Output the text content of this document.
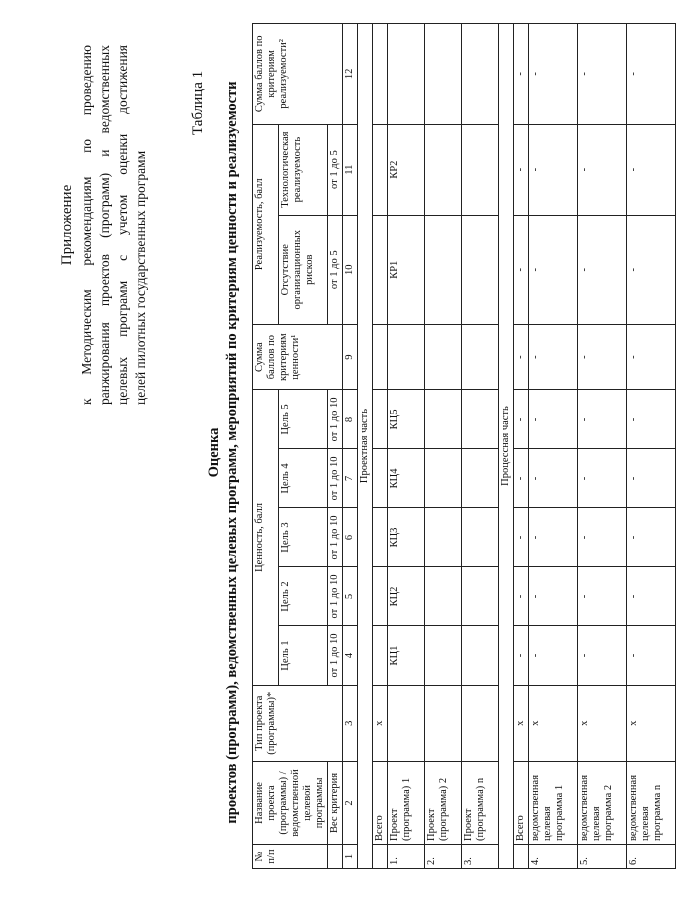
Приложение к Методическим рекомендациям по проведению ранжирования проектов (программ) и ведомственных целевых программ с учетом оценки достижения целей пилотных государственных программ
Таблица 1
Оценка проектов (программ), ведомственных целевых программ, мероприятий по критериям ценности и реализуемости
№ п/п	Название проекта (программы) / ведомственной целевой программы	Тип проекта (программы)*	Ценность, балл					Сумма баллов по критериям ценности¹	Реализуемость, балл		Сумма баллов по критериям реализуемости²
			Цель 1	Цель 2	Цель 3	Цель 4	Цель 5		Отсутствие организационных рисков	Технологическая реализуемость	
	Вес критерия		от 1 до 10	от 1 до 10	от 1 до 10	от 1 до 10	от 1 до 10		от 1 до 5	от 1 до 5	
1	2	3	4	5	6	7	8	9	10	11	12
Проектная часть											
	Всего	х									
1.	Проект (программа) 1		КЦ1	КЦ2	КЦ3	КЦ4	КЦ5		КР1	КР2	
2.	Проект (программа) 2										
3.	Проект (программа) n										
Процессная часть											
	Всего	х	-	-	-	-	-	-	-	-	-
4.	ведомственная целевая программа 1	х	-	-	-	-	-	-	-	-	-
5.	ведомственная целевая программа 2	х	-	-	-	-	-	-	-	-	-
6.	ведомственная целевая программа n	х	-	-	-	-	-	-	-	-	-
